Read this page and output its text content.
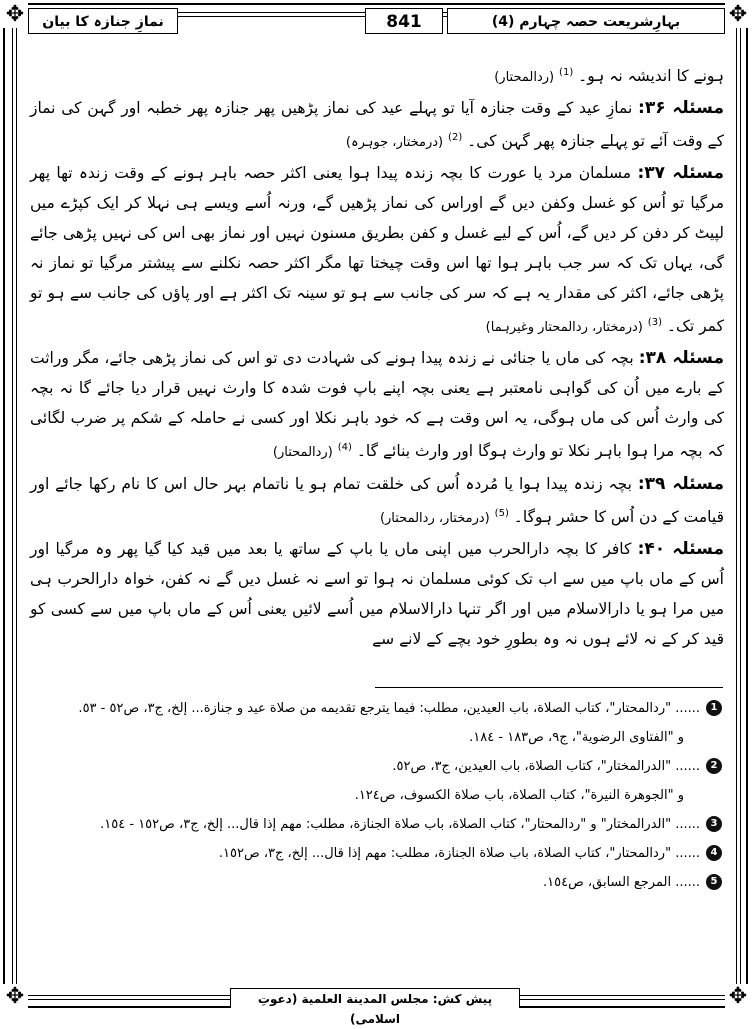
✥	✥
✥	✥
بہارِشریعت حصہ چہارم (4)
841
نمازِ جنازہ کا بیان

ہونے کا اندیشہ نہ ہو۔ $^{(1)}$ (ردالمحتار)

مسئلہ ۳۶: نمازِ عید کے وقت جنازہ آیا تو پہلے عید کی نماز پڑھیں پھر جنازہ پھر خطبہ اور گہن کی نماز کے وقت آئے تو پہلے جنازہ پھر گہن کی۔ $^{(2)}$ (درمختار، جوہرہ)

مسئلہ ۳۷: مسلمان مرد یا عورت کا بچہ زندہ پیدا ہوا یعنی اکثر حصہ باہر ہونے کے وقت زندہ تھا پھر مرگیا تو اُس کو غسل وکفن دیں گے اوراس کی نماز پڑھیں گے، ورنہ اُسے ویسے ہی نہلا کر ایک کپڑے میں لپیٹ کر دفن کر دیں گے، اُس کے لیے غسل و کفن بطریق مسنون نہیں اور نماز بھی اس کی نہیں پڑھی جائے گی، یہاں تک کہ سر جب باہر ہوا تھا اس وقت چیختا تھا مگر اکثر حصہ نکلنے سے پیشتر مرگیا تو نماز نہ پڑھی جائے، اکثر کی مقدار یہ ہے کہ سر کی جانب سے ہو تو سینہ تک اکثر ہے اور پاؤں کی جانب سے ہو تو کمر تک۔ $^{(3)}$ (درمختار، ردالمحتار وغیرہما)

مسئلہ ۳۸: بچہ کی ماں یا جنائی نے زندہ پیدا ہونے کی شہادت دی تو اس کی نماز پڑھی جائے، مگر وراثت کے بارے میں اُن کی گواہی نامعتبر ہے یعنی بچہ اپنے باپ فوت شدہ کا وارث نہیں قرار دیا جائے گا نہ بچہ کی وارث اُس کی ماں ہوگی، یہ اس وقت ہے کہ خود باہر نکلا اور کسی نے حاملہ کے شکم پر ضرب لگائی کہ بچہ مرا ہوا باہر نکلا تو وارث ہوگا اور وارث بنائے گا۔ $^{(4)}$ (ردالمحتار)

مسئلہ ۳۹: بچہ زندہ پیدا ہوا یا مُردہ اُس کی خلقت تمام ہو یا ناتمام بہر حال اس کا نام رکھا جائے اور قیامت کے دن اُس کا حشر ہوگا۔ $^{(5)}$ (درمختار، ردالمحتار)

مسئلہ ۴۰: کافر کا بچہ دارالحرب میں اپنی ماں یا باپ کے ساتھ یا بعد میں قید کیا گیا پھر وہ مرگیا اور اُس کے ماں باپ میں سے اب تک کوئی مسلمان نہ ہوا تو اسے نہ غسل دیں گے نہ کفن، خواہ دارالحرب ہی میں مرا ہو یا دارالاسلام میں اور اگر تنہا دارالاسلام میں اُسے لائیں یعنی اُس کے ماں باپ میں سے کسی کو قید کر کے نہ لائے ہوں نہ وہ بطورِ خود بچے کے لانے سے

1
...... "ردالمحتار"، كتاب الصلاة، باب العيدين، مطلب: فيما يترجع تقديمه من صلاة عيد و جنازة... إلخ، ج٣، ص٥٢ - ٥٣.
و "الفتاوى الرضوية"، ج٩، ص١٨٣ - ١٨٤.
2
...... "الدرالمختار"، كتاب الصلاة، باب العيدين، ج٣، ص٥٢.
و "الجوهرة النيرة"، كتاب الصلاة، باب صلاة الكسوف، ص١٢٤.
3
...... "الدرالمختار" و "ردالمحتار"، كتاب الصلاة، باب صلاة الجنازة، مطلب: مهم إذا قال... إلخ، ج٣، ص١٥٢ - ١٥٤.
4
...... "ردالمحتار"، كتاب الصلاة، باب صلاة الجنازة، مطلب: مهم إذا قال... إلخ، ج٣، ص١٥٢.
5
...... المرجع السابق، ص١٥٤.
پیش کش: مجلس المدينة العلمية (دعوتِ اسلامی)
